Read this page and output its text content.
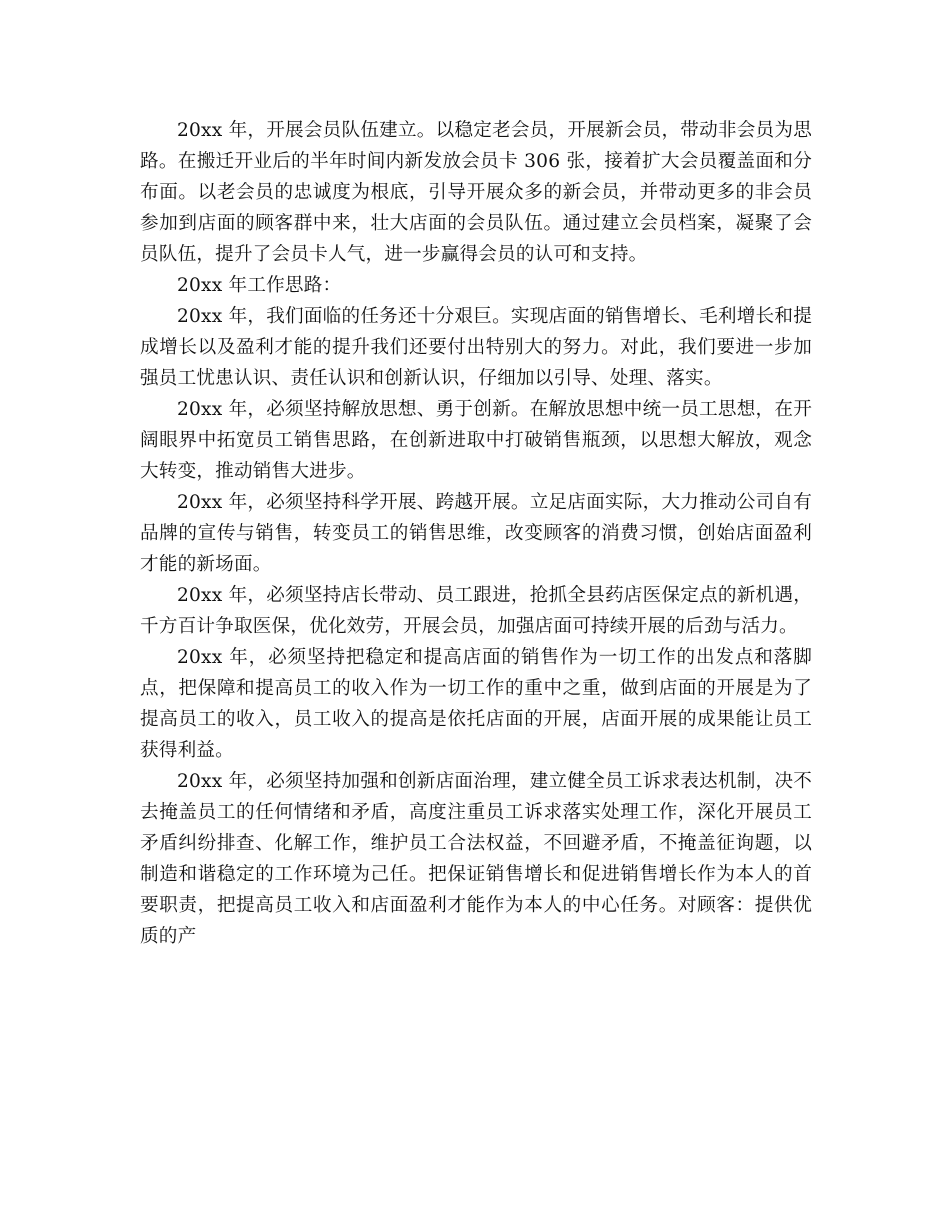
20xx 年，开展会员队伍建立。以稳定老会员，开展新会员，带动非会员为思路。在搬迁开业后的半年时间内新发放会员卡 306 张，接着扩大会员覆盖面和分布面。以老会员的忠诚度为根底，引导开展众多的新会员，并带动更多的非会员参加到店面的顾客群中来，壮大店面的会员队伍。通过建立会员档案，凝聚了会员队伍，提升了会员卡人气，进一步赢得会员的认可和支持。

20xx 年工作思路：

20xx 年，我们面临的任务还十分艰巨。实现店面的销售增长、毛利增长和提成增长以及盈利才能的提升我们还要付出特别大的努力。对此，我们要进一步加强员工忧患认识、责任认识和创新认识，仔细加以引导、处理、落实。

20xx 年，必须坚持解放思想、勇于创新。在解放思想中统一员工思想，在开阔眼界中拓宽员工销售思路，在创新进取中打破销售瓶颈，以思想大解放，观念大转变，推动销售大进步。

20xx 年，必须坚持科学开展、跨越开展。立足店面实际，大力推动公司自有品牌的宣传与销售，转变员工的销售思维，改变顾客的消费习惯，创始店面盈利才能的新场面。

20xx 年，必须坚持店长带动、员工跟进，抢抓全县药店医保定点的新机遇，千方百计争取医保，优化效劳，开展会员，加强店面可持续开展的后劲与活力。

20xx 年，必须坚持把稳定和提高店面的销售作为一切工作的出发点和落脚点，把保障和提高员工的收入作为一切工作的重中之重，做到店面的开展是为了提高员工的收入，员工收入的提高是依托店面的开展，店面开展的成果能让员工获得利益。

20xx 年，必须坚持加强和创新店面治理，建立健全员工诉求表达机制，决不去掩盖员工的任何情绪和矛盾，高度注重员工诉求落实处理工作，深化开展员工矛盾纠纷排查、化解工作，维护员工合法权益，不回避矛盾，不掩盖征询题，以制造和谐稳定的工作环境为己任。把保证销售增长和促进销售增长作为本人的首要职责，把提高员工收入和店面盈利才能作为本人的中心任务。对顾客：提供优质的产
